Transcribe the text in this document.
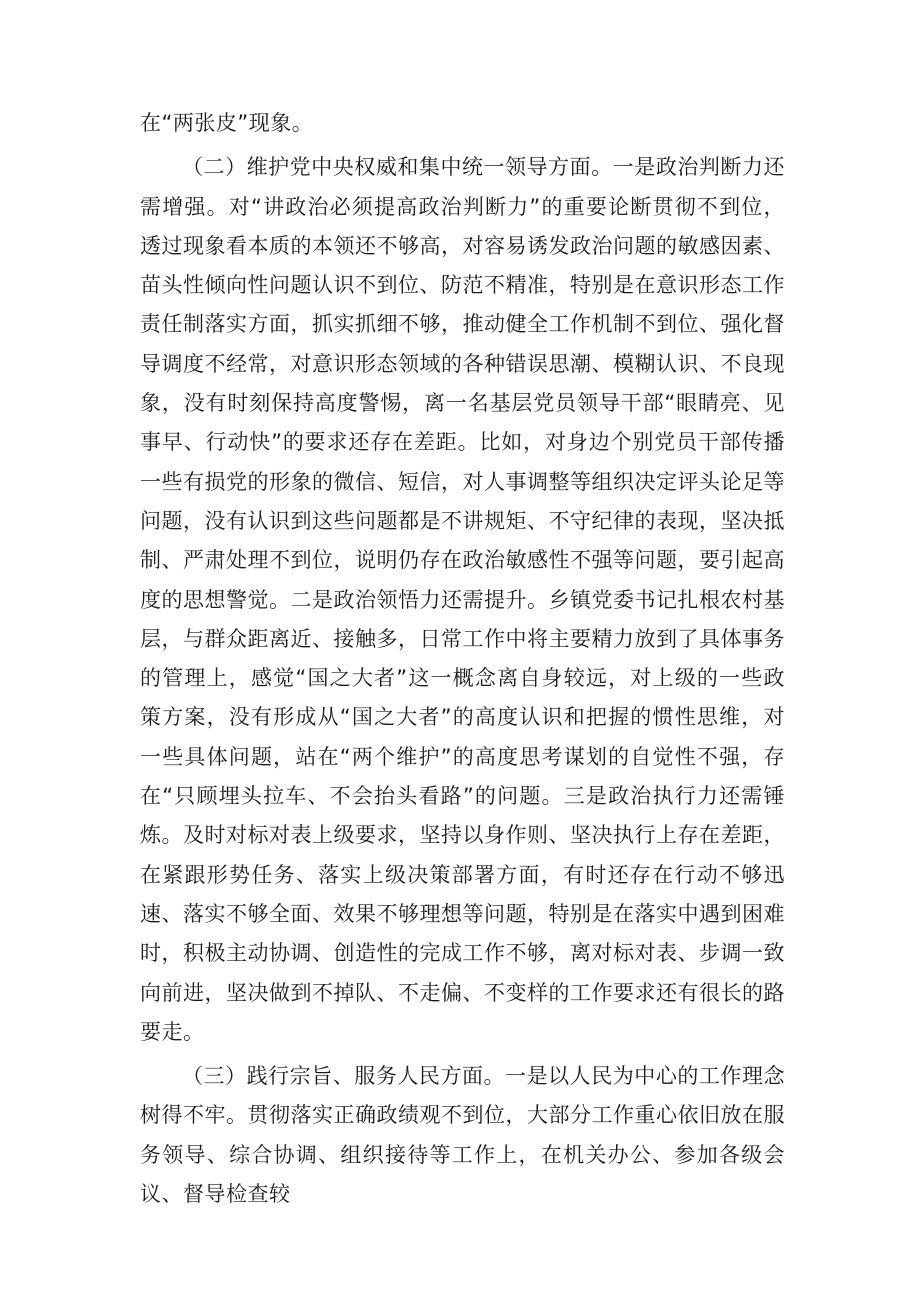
在“两张皮”现象。

（二）维护党中央权威和集中统一领导方面。一是政治判断力还需增强。对“讲政治必须提高政治判断力”的重要论断贯彻不到位，透过现象看本质的本领还不够高，对容易诱发政治问题的敏感因素、苗头性倾向性问题认识不到位、防范不精准，特别是在意识形态工作责任制落实方面，抓实抓细不够，推动健全工作机制不到位、强化督导调度不经常，对意识形态领域的各种错误思潮、模糊认识、不良现象，没有时刻保持高度警惕，离一名基层党员领导干部“眼睛亮、见事早、行动快”的要求还存在差距。比如，对身边个别党员干部传播一些有损党的形象的微信、短信，对人事调整等组织决定评头论足等问题，没有认识到这些问题都是不讲规矩、不守纪律的表现，坚决抵制、严肃处理不到位，说明仍存在政治敏感性不强等问题，要引起高度的思想警觉。二是政治领悟力还需提升。乡镇党委书记扎根农村基层，与群众距离近、接触多，日常工作中将主要精力放到了具体事务的管理上，感觉“国之大者”这一概念离自身较远，对上级的一些政策方案，没有形成从“国之大者”的高度认识和把握的惯性思维，对一些具体问题，站在“两个维护”的高度思考谋划的自觉性不强，存在“只顾埋头拉车、不会抬头看路”的问题。三是政治执行力还需锤炼。及时对标对表上级要求，坚持以身作则、坚决执行上存在差距，在紧跟形势任务、落实上级决策部署方面，有时还存在行动不够迅速、落实不够全面、效果不够理想等问题，特别是在落实中遇到困难时，积极主动协调、创造性的完成工作不够，离对标对表、步调一致向前进，坚决做到不掉队、不走偏、不变样的工作要求还有很长的路要走。

（三）践行宗旨、服务人民方面。一是以人民为中心的工作理念树得不牢。贯彻落实正确政绩观不到位，大部分工作重心依旧放在服务领导、综合协调、组织接待等工作上，在机关办公、参加各级会议、督导检查较
